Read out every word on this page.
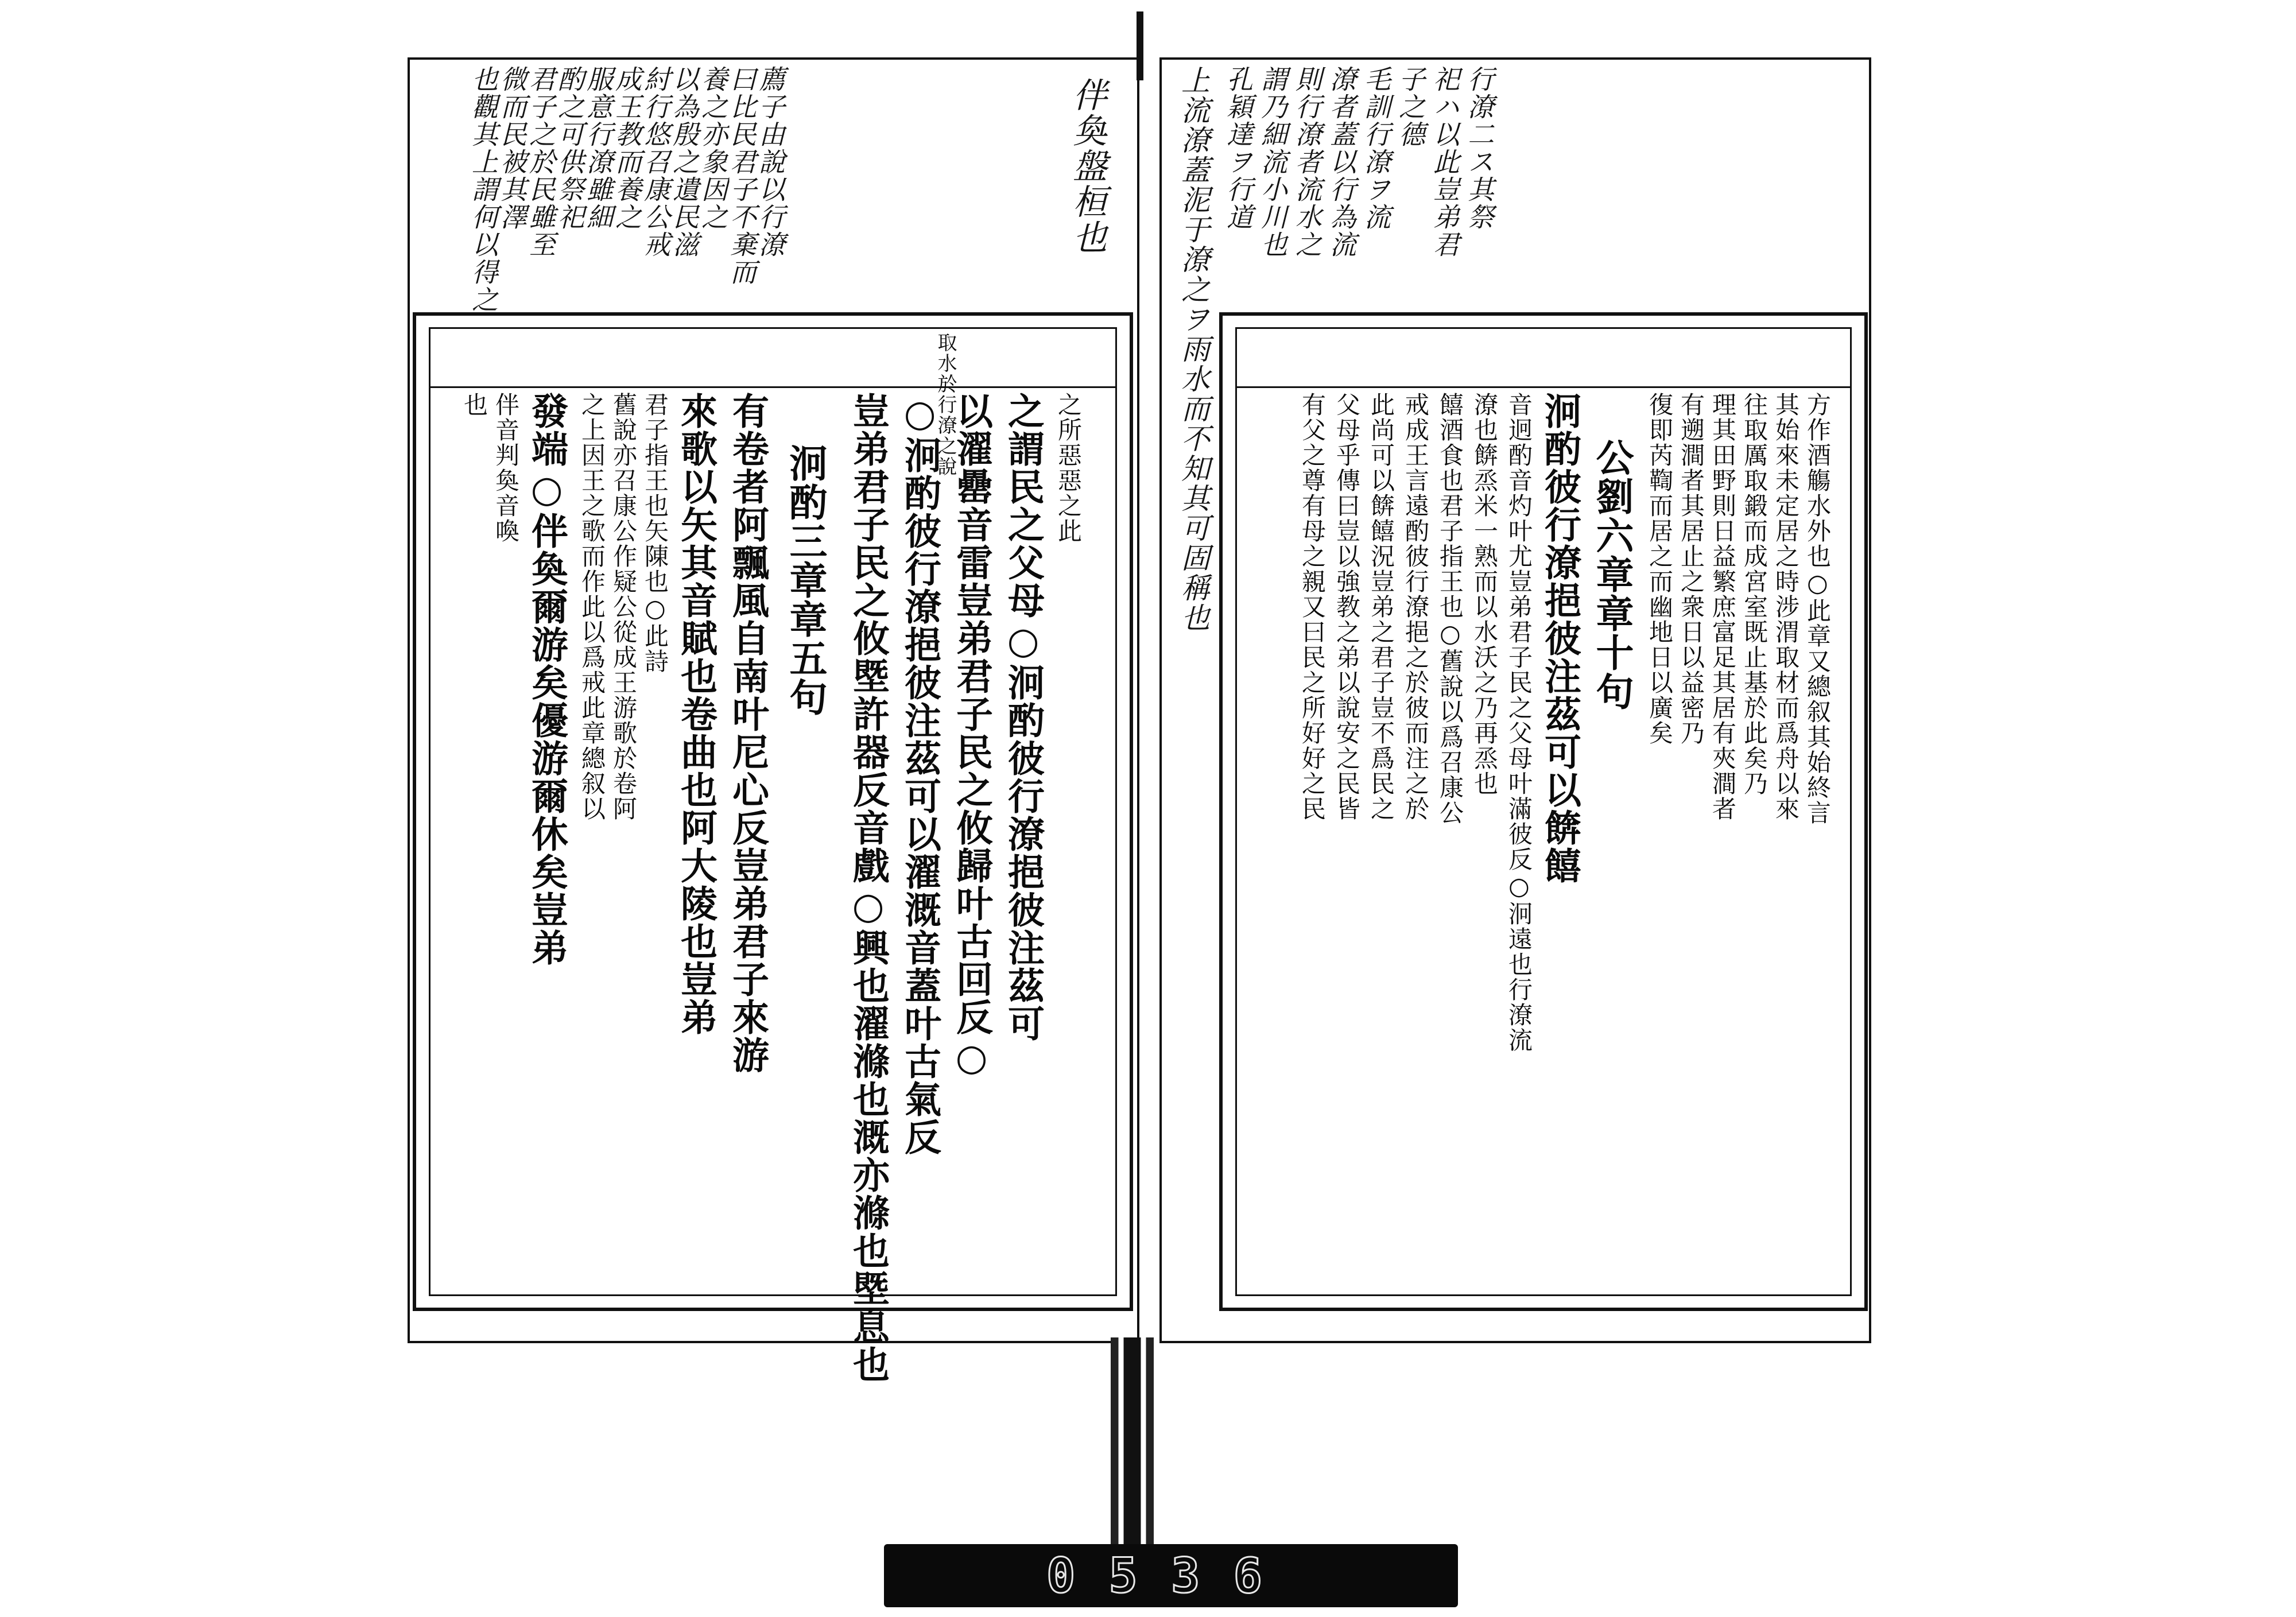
伴奐盤桓也
薦子由說以行潦
曰比民君子不棄而
養之亦象因之
以為殷之遺民滋
紂行悠召康公戒
成王教而養之
服意行潦雖細
酌之可供祭祀
君子之於民雖至
微而民被其澤
也觀其上謂何以得之
取水於行潦之說	之所惡惡之此
之謂民之父母○泂酌彼行潦挹彼注茲可
以濯罍音雷豈弟君子民之攸歸叶古回反○
○泂酌彼行潦挹彼注茲可以濯溉音蓋叶古氣反
豈弟君子民之攸塈許器反音戲○興也濯滌也溉亦滌也塈息也
泂酌三章章五句
有卷者阿飄風自南叶尼心反豈弟君子來游
來歌以矢其音賦也卷曲也阿大陵也豈弟
君子指王也矢陳也○此詩
舊說亦召康公作疑公從成王游歌於卷阿
之上因王之歌而作此以爲戒此章總叙以
發端○伴奐爾游矣優游爾休矣豈弟
伴音判奐音喚
也
行潦二ス其祭
祀ハ以此豈弟君
子之德
毛訓行潦ヲ流
潦者蓋以行為流
則行潦者流水之
謂乃細流小川也
孔穎達ヲ行道
上流潦蓋泥于潦之ヲ雨水而不知其可固稱也	方作酒觴水外也○此章又總叙其始終言
其始來未定居之時涉渭取材而爲舟以來
往取厲取鍛而成宮室既止基於此矣乃
理其田野則日益繁庶富足其居有夾澗者
有遡澗者其居止之衆日以益密乃
復即芮鞫而居之而幽地日以廣矣
公劉六章章十句
泂酌彼行潦挹彼注茲可以餴饎
音迥酌音灼叶尤豈弟君子民之父母叶滿彼反○泂遠也行潦流
潦也餴烝米一熟而以水沃之乃再烝也
饎酒食也君子指王也○舊說以爲召康公
戒成王言遠酌彼行潦挹之於彼而注之於
此尚可以餴饎況豈弟之君子豈不爲民之
父母乎傳曰豈以強教之弟以說安之民皆
有父之尊有母之親又曰民之所好好之民
0536
